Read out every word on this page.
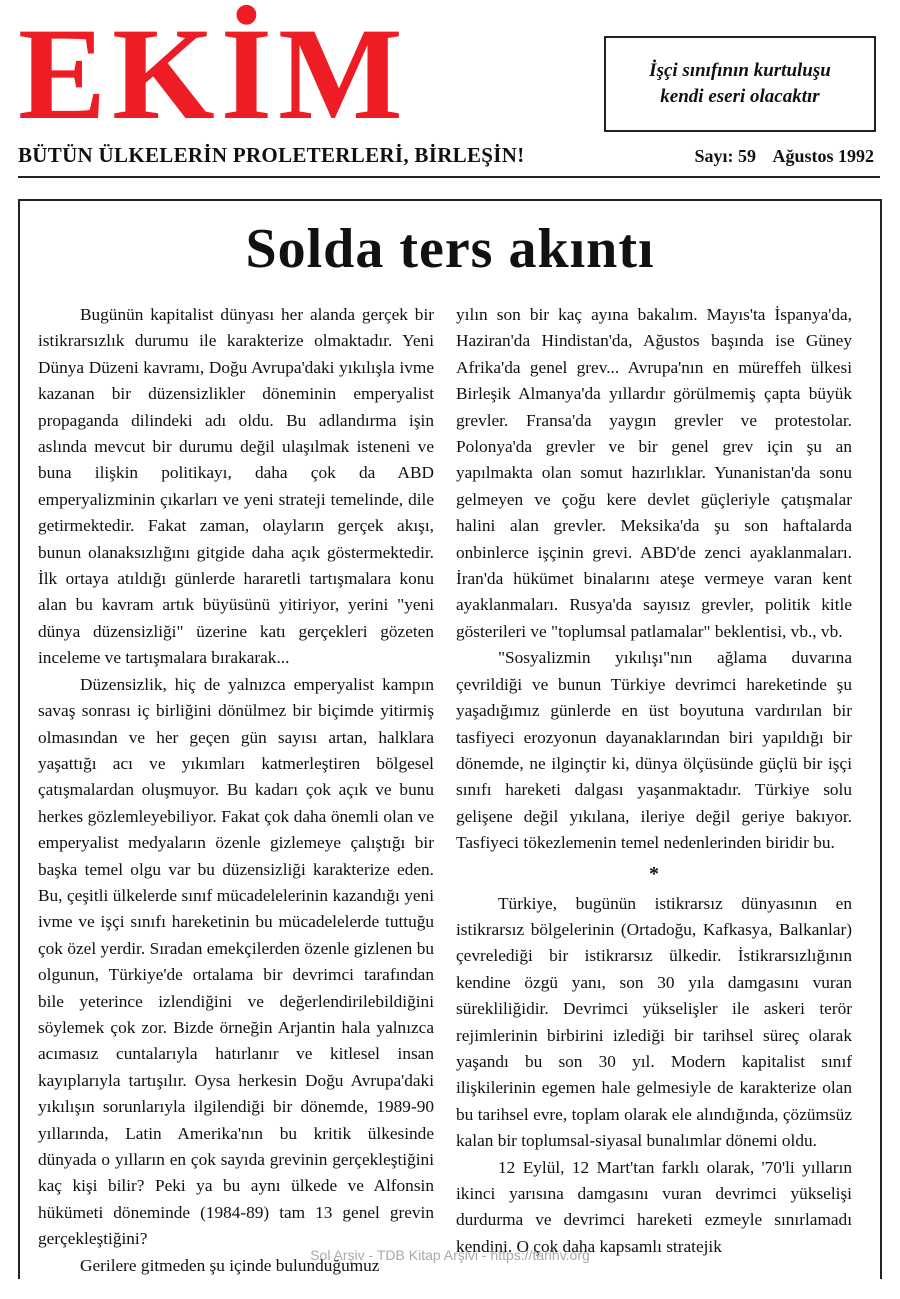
EKİM	İşçi sınıfının kurtuluşu
kendi eseri olacaktır
BÜTÜN ÜLKELERİN PROLETERLERİ, BİRLEŞİN!	Sayı: 59 Ağustos 1992
Solda ters akıntı

Bugünün kapitalist dünyası her alanda gerçek bir istikrarsızlık durumu ile karakterize olmaktadır. Yeni Dünya Düzeni kavramı, Doğu Avrupa'daki yıkılışla ivme kazanan bir düzensizlikler döneminin emperyalist propaganda dilindeki adı oldu. Bu adlandırma işin aslında mevcut bir durumu değil ulaşılmak isteneni ve buna ilişkin politikayı, daha çok da ABD emperyalizminin çıkarları ve yeni strateji temelinde, dile getirmektedir. Fakat zaman, olayların gerçek akışı, bunun olanaksızlığını gitgide daha açık göstermektedir. İlk ortaya atıldığı günlerde hararetli tartışmalara konu alan bu kavram artık büyüsünü yitiriyor, yerini "yeni dünya düzensizliği" üzerine katı gerçekleri gözeten inceleme ve tartışmalara bırakarak...

Düzensizlik, hiç de yalnızca emperyalist kampın savaş sonrası iç birliğini dönülmez bir biçimde yitirmiş olmasından ve her geçen gün sayısı artan, halklara yaşattığı acı ve yıkımları katmerleştiren bölgesel çatışmalardan oluşmuyor. Bu kadarı çok açık ve bunu herkes gözlemleyebiliyor. Fakat çok daha önemli olan ve emperyalist medyaların özenle gizlemeye çalıştığı bir başka temel olgu var bu düzensizliği karakterize eden. Bu, çeşitli ülkelerde sınıf mücadelelerinin kazandığı yeni ivme ve işçi sınıfı hareketinin bu mücadelelerde tuttuğu çok özel yerdir. Sıradan emekçilerden özenle gizlenen bu olgunun, Türkiye'de ortalama bir devrimci tarafından bile yeterince izlendiğini ve değerlendirilebildiğini söylemek çok zor. Bizde örneğin Arjantin hala yalnızca acımasız cuntalarıyla hatırlanır ve kitlesel insan kayıplarıyla tartışılır. Oysa herkesin Doğu Avrupa'daki yıkılışın sorunlarıyla ilgilendiği bir dönemde, 1989-90 yıllarında, Latin Amerika'nın bu kritik ülkesinde dünyada o yılların en çok sayıda grevinin gerçekleştiğini kaç kişi bilir? Peki ya bu aynı ülkede ve Alfonsin hükümeti döneminde (1984-89) tam 13 genel grevin gerçekleştiğini?

Gerilere gitmeden şu içinde bulunduğumuz

yılın son bir kaç ayına bakalım. Mayıs'ta İspanya'da, Haziran'da Hindistan'da, Ağustos başında ise Güney Afrika'da genel grev... Avrupa'nın en müreffeh ülkesi Birleşik Almanya'da yıllardır görülmemiş çapta büyük grevler. Fransa'da yaygın grevler ve protestolar. Polonya'da grevler ve bir genel grev için şu an yapılmakta olan somut hazırlıklar. Yunanistan'da sonu gelmeyen ve çoğu kere devlet güçleriyle çatışmalar halini alan grevler. Meksika'da şu son haftalarda onbinlerce işçinin grevi. ABD'de zenci ayaklanmaları. İran'da hükümet binalarını ateşe vermeye varan kent ayaklanmaları. Rusya'da sayısız grevler, politik kitle gösterileri ve "toplumsal patlamalar" beklentisi, vb., vb.

"Sosyalizmin yıkılışı"nın ağlama duvarına çevrildiği ve bunun Türkiye devrimci hareketinde şu yaşadığımız günlerde en üst boyutuna vardırılan bir tasfiyeci erozyonun dayanaklarından biri yapıldığı bir dönemde, ne ilginçtir ki, dünya ölçüsünde güçlü bir işçi sınıfı hareketi dalgası yaşanmaktadır. Türkiye solu gelişene değil yıkılana, ileriye değil geriye bakıyor. Tasfiyeci tökezlemenin temel nedenlerinden biridir bu.

*

Türkiye, bugünün istikrarsız dünyasının en istikrarsız bölgelerinin (Ortadoğu, Kafkasya, Balkanlar) çevrelediği bir istikrarsız ülkedir. İstikrarsızlığının kendine özgü yanı, son 30 yıla damgasını vuran sürekliliğidir. Devrimci yükselişler ile askeri terör rejimlerinin birbirini izlediği bir tarihsel süreç olarak yaşandı bu son 30 yıl. Modern kapitalist sınıf ilişkilerinin egemen hale gelmesiyle de karakterize olan bu tarihsel evre, toplam olarak ele alındığında, çözümsüz kalan bir toplumsal-siyasal bunalımlar dönemi oldu.

12 Eylül, 12 Mart'tan farklı olarak, '70'li yılların ikinci yarısına damgasını vuran devrimci yükselişi durdurma ve devrimci hareketi ezmeyle sınırlamadı kendini. O çok daha kapsamlı stratejik

Sol Arşiv - TDB Kitap Arşivi - https://tarihv.org
